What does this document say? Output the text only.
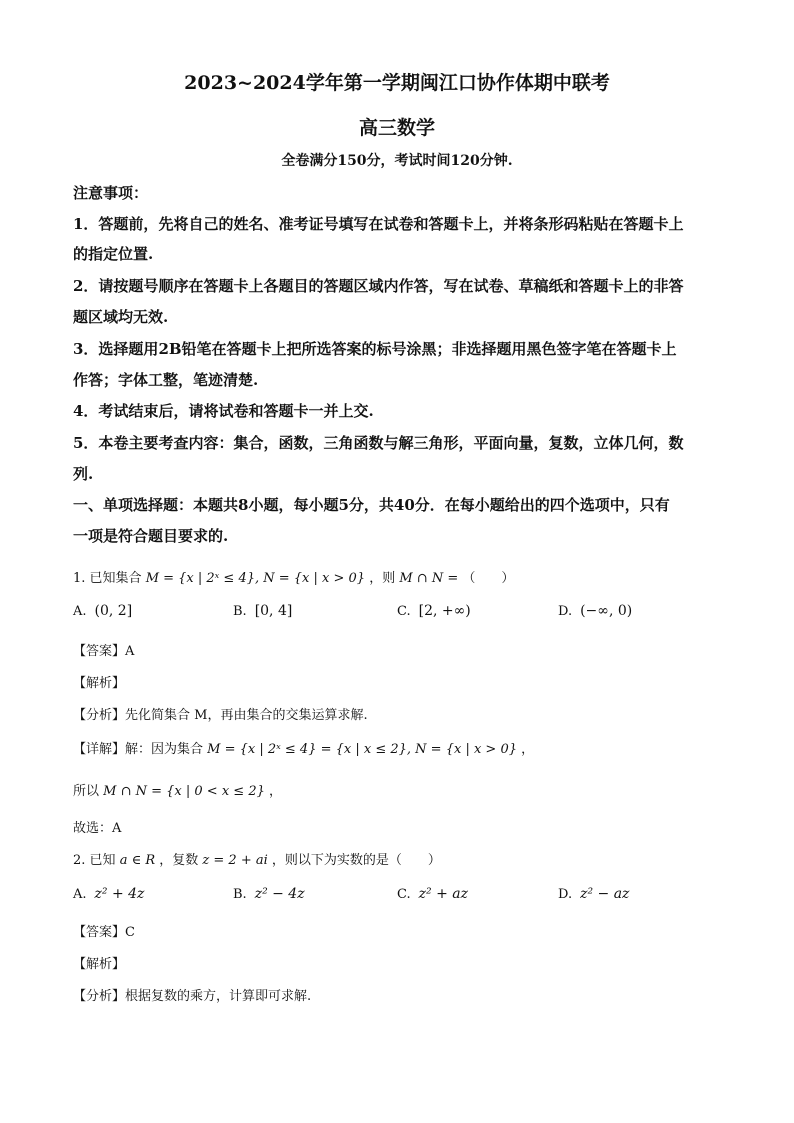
2023~2024学年第一学期闽江口协作体期中联考
高三数学
全卷满分150分，考试时间120分钟.
注意事项：
1．答题前，先将自己的姓名、准考证号填写在试卷和答题卡上，并将条形码粘贴在答题卡上
的指定位置.
2．请按题号顺序在答题卡上各题目的答题区域内作答，写在试卷、草稿纸和答题卡上的非答
题区域均无效.
3．选择题用2B铅笔在答题卡上把所选答案的标号涂黑；非选择题用黑色签字笔在答题卡上
作答；字体工整，笔迹清楚.
4．考试结束后，请将试卷和答题卡一并上交.
5．本卷主要考查内容：集合，函数，三角函数与解三角形，平面向量，复数，立体几何，数
列.
一、单项选择题：本题共8小题，每小题5分，共40分．在每小题给出的四个选项中，只有
一项是符合题目要求的.
1. 已知集合 M = {x | 2ˣ ≤ 4}, N = {x | x > 0} ，则 M ∩ N = （　　）
A. (0, 2]	B. [0, 4]	C. [2, +∞)	D. (−∞, 0)
【答案】A
【解析】
【分析】先化简集合 M，再由集合的交集运算求解.
【详解】解：因为集合 M = {x | 2ˣ ≤ 4} = {x | x ≤ 2}, N = {x | x > 0} ，
所以 M ∩ N = {x | 0 < x ≤ 2} ，
故选：A
2. 已知 a ∈ R ，复数 z = 2 + ai ，则以下为实数的是（　　）
A. z² + 4z	B. z² − 4z	C. z² + az	D. z² − az
【答案】C
【解析】
【分析】根据复数的乘方，计算即可求解.
